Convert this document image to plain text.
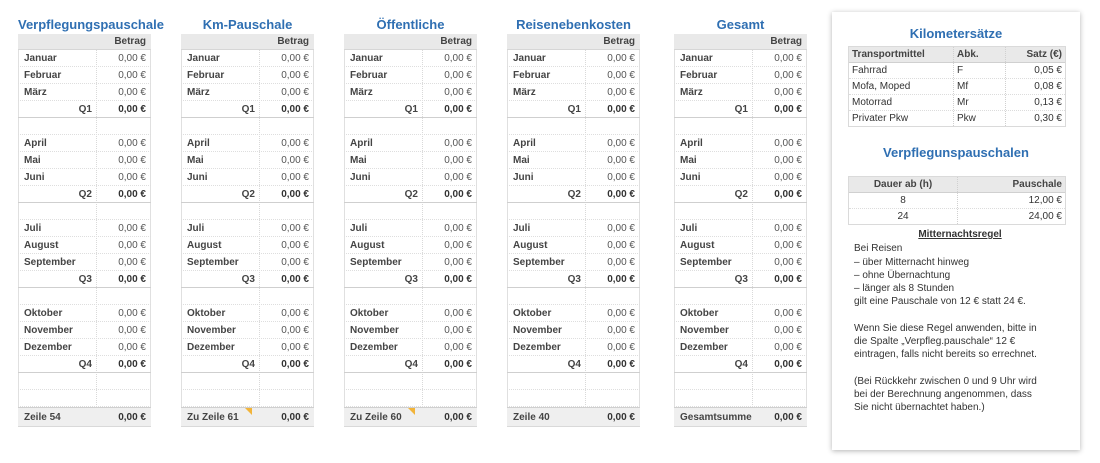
Verpflegungspauschale
Betrag
Januar	0,00 €
Februar	0,00 €
März	0,00 €
Q1	0,00 €
April	0,00 €
Mai	0,00 €
Juni	0,00 €
Q2	0,00 €
Juli	0,00 €
August	0,00 €
September	0,00 €
Q3	0,00 €
Oktober	0,00 €
November	0,00 €
Dezember	0,00 €
Q4	0,00 €
Zeile 54	0,00 €
Km-Pauschale
Betrag
Januar	0,00 €
Februar	0,00 €
März	0,00 €
Q1	0,00 €
April	0,00 €
Mai	0,00 €
Juni	0,00 €
Q2	0,00 €
Juli	0,00 €
August	0,00 €
September	0,00 €
Q3	0,00 €
Oktober	0,00 €
November	0,00 €
Dezember	0,00 €
Q4	0,00 €
Zu Zeile 61	0,00 €
Öffentliche
Betrag
Januar	0,00 €
Februar	0,00 €
März	0,00 €
Q1	0,00 €
April	0,00 €
Mai	0,00 €
Juni	0,00 €
Q2	0,00 €
Juli	0,00 €
August	0,00 €
September	0,00 €
Q3	0,00 €
Oktober	0,00 €
November	0,00 €
Dezember	0,00 €
Q4	0,00 €
Zu Zeile 60	0,00 €
Reisenebenkosten
Betrag
Januar	0,00 €
Februar	0,00 €
März	0,00 €
Q1	0,00 €
April	0,00 €
Mai	0,00 €
Juni	0,00 €
Q2	0,00 €
Juli	0,00 €
August	0,00 €
September	0,00 €
Q3	0,00 €
Oktober	0,00 €
November	0,00 €
Dezember	0,00 €
Q4	0,00 €
Zeile 40	0,00 €
Gesamt
Betrag
Januar	0,00 €
Februar	0,00 €
März	0,00 €
Q1	0,00 €
April	0,00 €
Mai	0,00 €
Juni	0,00 €
Q2	0,00 €
Juli	0,00 €
August	0,00 €
September	0,00 €
Q3	0,00 €
Oktober	0,00 €
November	0,00 €
Dezember	0,00 €
Q4	0,00 €
Gesamtsumme	0,00 €
Kilometersätze
Transportmittel	Abk.	Satz (€)
Fahrrad	F	0,05 €
Mofa, Moped	Mf	0,08 €
Motorrad	Mr	0,13 €
Privater Pkw	Pkw	0,30 €
Verpflegunspauschalen
Dauer ab (h)	Pauschale
8	12,00 €
24	24,00 €
Mitternachtsregel

Bei Reisen

– über Mitternacht hinweg

– ohne Übernachtung

– länger als 8 Stunden

gilt eine Pauschale von 12 € statt 24 €.

Wenn Sie diese Regel anwenden, bitte in

die Spalte „Verpfleg.pauschale“ 12 €

eintragen, falls nicht bereits so errechnet.

(Bei Rückkehr zwischen 0 und 9 Uhr wird

bei der Berechnung angenommen, dass

Sie nicht übernachtet haben.)
